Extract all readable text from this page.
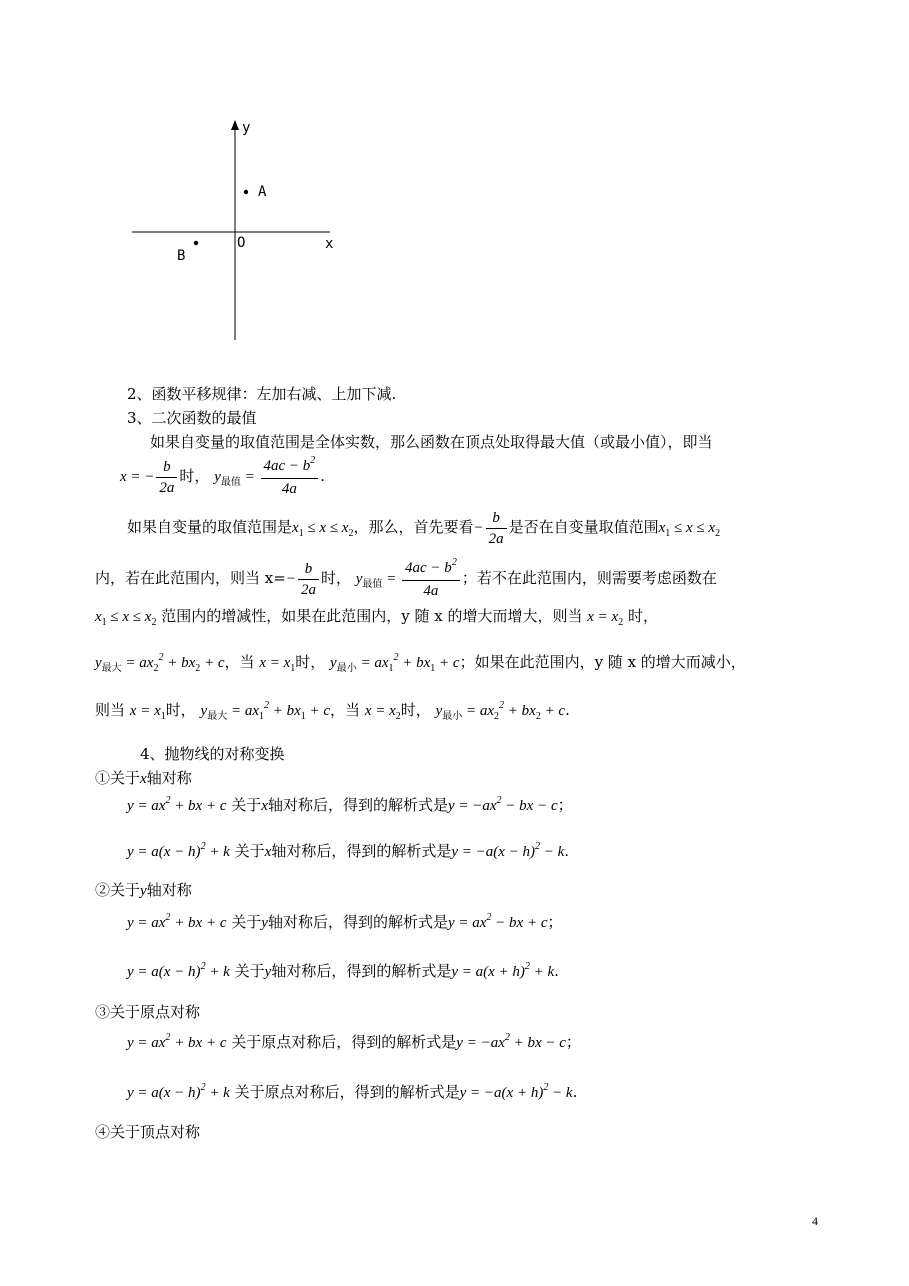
y
x
O
A
B
2、函数平移规律：左加右减、上加下减.
3、二次函数的最值
如果自变量的取值范围是全体实数，那么函数在顶点处取得最大值（或最小值），即当
x = − $\frac{b}{2a}$ 时， $y_{最值} = \frac{4ac - b^2}{4a}$ .
如果自变量的取值范围是$x_1 \le x \le x_2$，那么，首先要看− $\frac{b}{2a}$ 是否在自变量取值范围$x_1 \le x \le x_2$
内，若在此范围内，则当 $x=- \frac{b}{2a}$ 时， $y_{最值} = \frac{4ac - b^2}{4a}$ ；若不在此范围内，则需要考虑函数在
$x_1 \le x \le x_2$ 范围内的增减性，如果在此范围内，y 随 x 的增大而增大，则当 $x = x_2$ 时，
$y_{最大} = ax_2^2 + bx_2 + c$，当 $x = x_1$时， $y_{最小} = ax_1^2 + bx_1 + c$；如果在此范围内，y 随 x 的增大而减小，
则当 $x = x_1$时， $y_{最大} = ax_1^2 + bx_1 + c$，当 $x = x_2$时， $y_{最小} = ax_2^2 + bx_2 + c$.
4、抛物线的对称变换
①关于x轴对称
$y = ax^2$ + bx + c 关于x轴对称后，得到的解析式是$y = -ax^2$ − bx − c；
$y = a(x - h)^2 + k$ 关于x轴对称后，得到的解析式是$y = -a(x - h)^2 - k$.
②关于y轴对称
$y = ax^2$ + bx + c 关于y轴对称后，得到的解析式是$y = ax^2$ − bx + c；
$y = a(x - h)^2 + k$ 关于y轴对称后，得到的解析式是$y = a(x + h)^2 + k$.
③关于原点对称
$y = ax^2$ + bx + c 关于原点对称后，得到的解析式是$y = -ax^2$ + bx − c；
$y = a(x - h)^2 + k$ 关于原点对称后，得到的解析式是$y = -a(x + h)^2 - k$.
④关于顶点对称
4
